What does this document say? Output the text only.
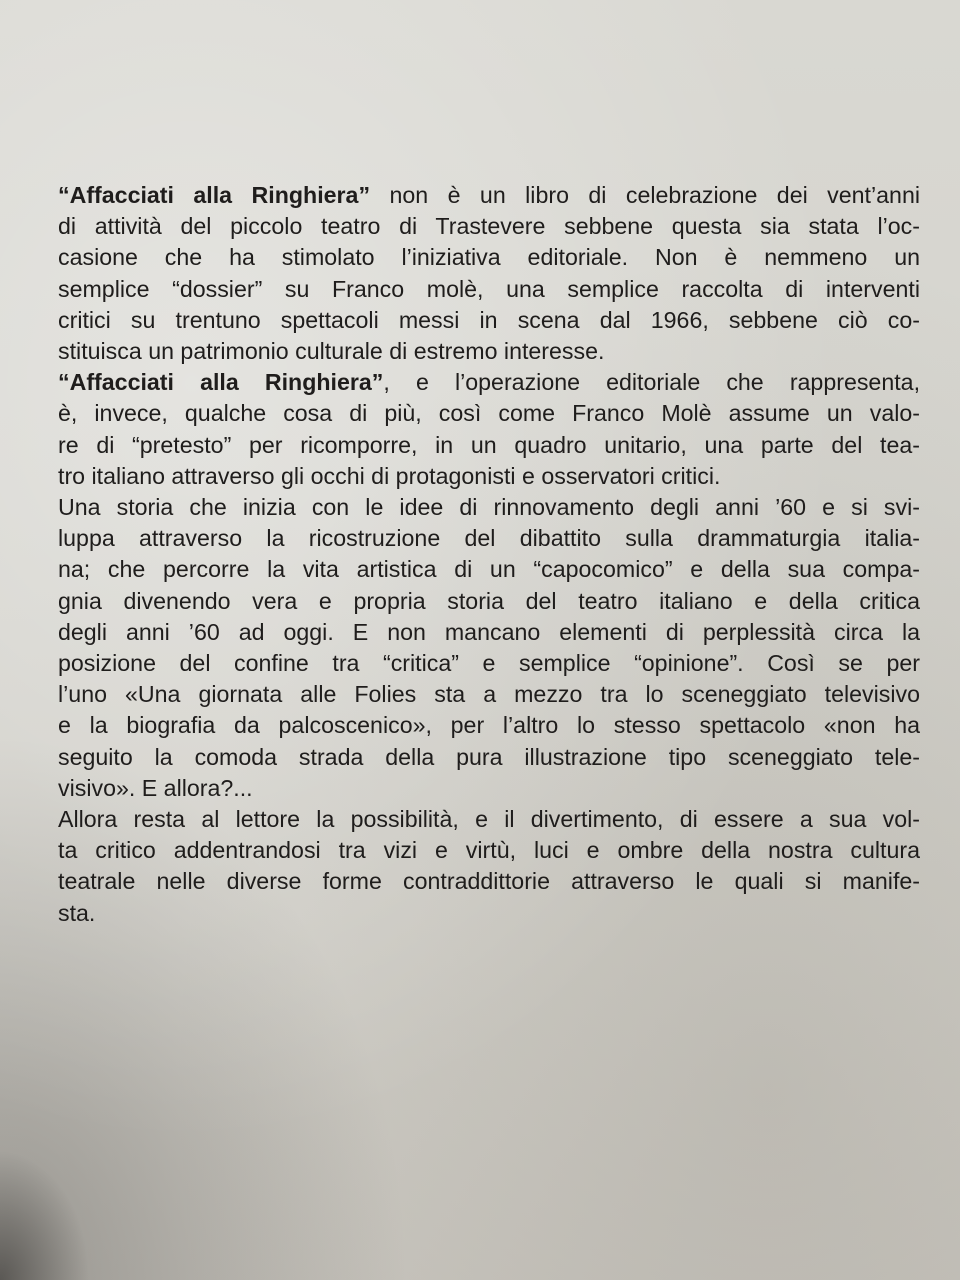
“Affacciati alla Ringhiera” non è un libro di celebrazione dei vent’anni
di attività del piccolo teatro di Trastevere sebbene questa sia stata l’oc-
casione che ha stimolato l’iniziativa editoriale. Non è nemmeno un
semplice “dossier” su Franco molè, una semplice raccolta di interventi
critici su trentuno spettacoli messi in scena dal 1966, sebbene ciò co-
stituisca un patrimonio culturale di estremo interesse.
“Affacciati alla Ringhiera”, e l’operazione editoriale che rappresenta,
è, invece, qualche cosa di più, così come Franco Molè assume un valo-
re di “pretesto” per ricomporre, in un quadro unitario, una parte del tea-
tro italiano attraverso gli occhi di protagonisti e osservatori critici.
Una storia che inizia con le idee di rinnovamento degli anni ’60 e si svi-
luppa attraverso la ricostruzione del dibattito sulla drammaturgia italia-
na; che percorre la vita artistica di un “capocomico” e della sua compa-
gnia divenendo vera e propria storia del teatro italiano e della critica
degli anni ’60 ad oggi. E non mancano elementi di perplessità circa la
posizione del confine tra “critica” e semplice “opinione”. Così se per
l’uno «Una giornata alle Folies sta a mezzo tra lo sceneggiato televisivo
e la biografia da palcoscenico», per l’altro lo stesso spettacolo «non ha
seguito la comoda strada della pura illustrazione tipo sceneggiato tele-
visivo». E allora?...
Allora resta al lettore la possibilità, e il divertimento, di essere a sua vol-
ta critico addentrandosi tra vizi e virtù, luci e ombre della nostra cultura
teatrale nelle diverse forme contraddittorie attraverso le quali si manife-
sta.
